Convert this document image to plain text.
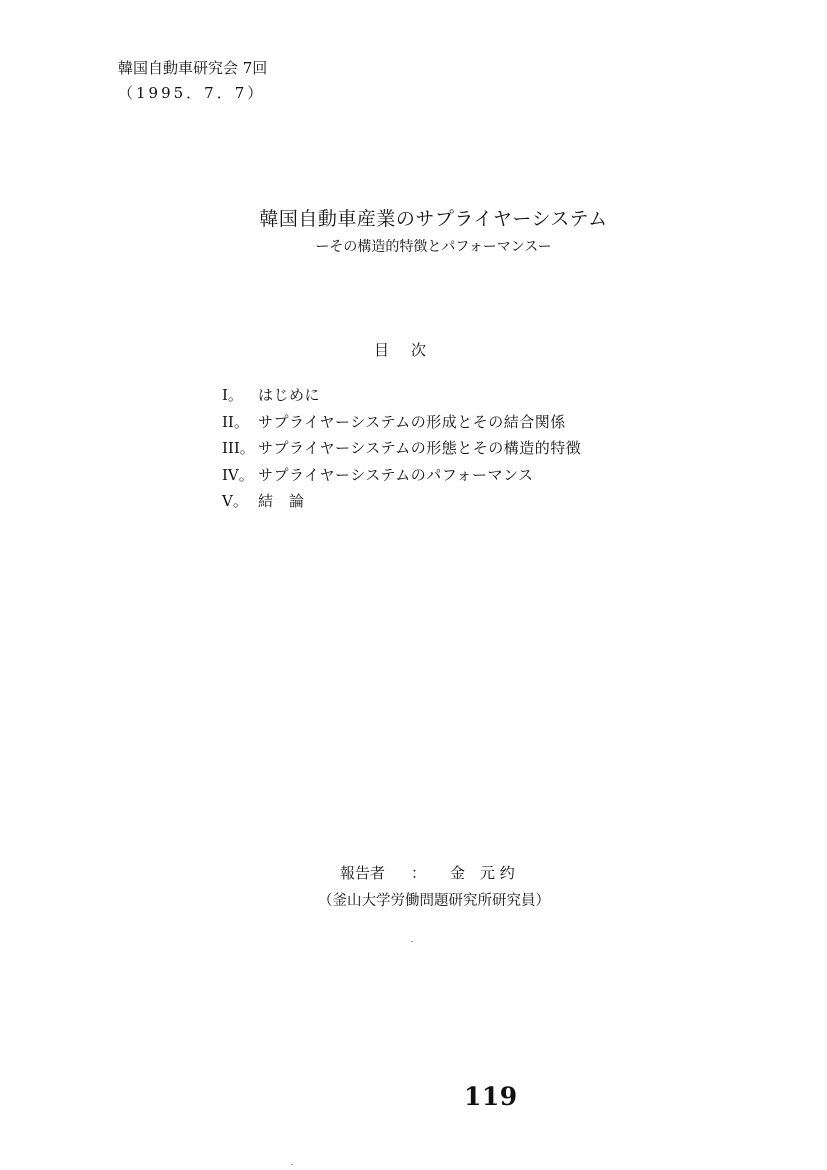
韓国自動車研究会 7回
（1995．7．7）
韓国自動車産業のサプライヤーシステム
ーその構造的特徴とパフォーマンスー
目 次
I。	はじめに
II。 サプライヤーシステムの形成とその結合関係
III。 サプライヤーシステムの形態とその構造的特徴
IV。 サプライヤーシステムのパフォーマンス
V。 結　論
報告者 ： 金　元 约
（釜山大学労働問題研究所研究員）
119
